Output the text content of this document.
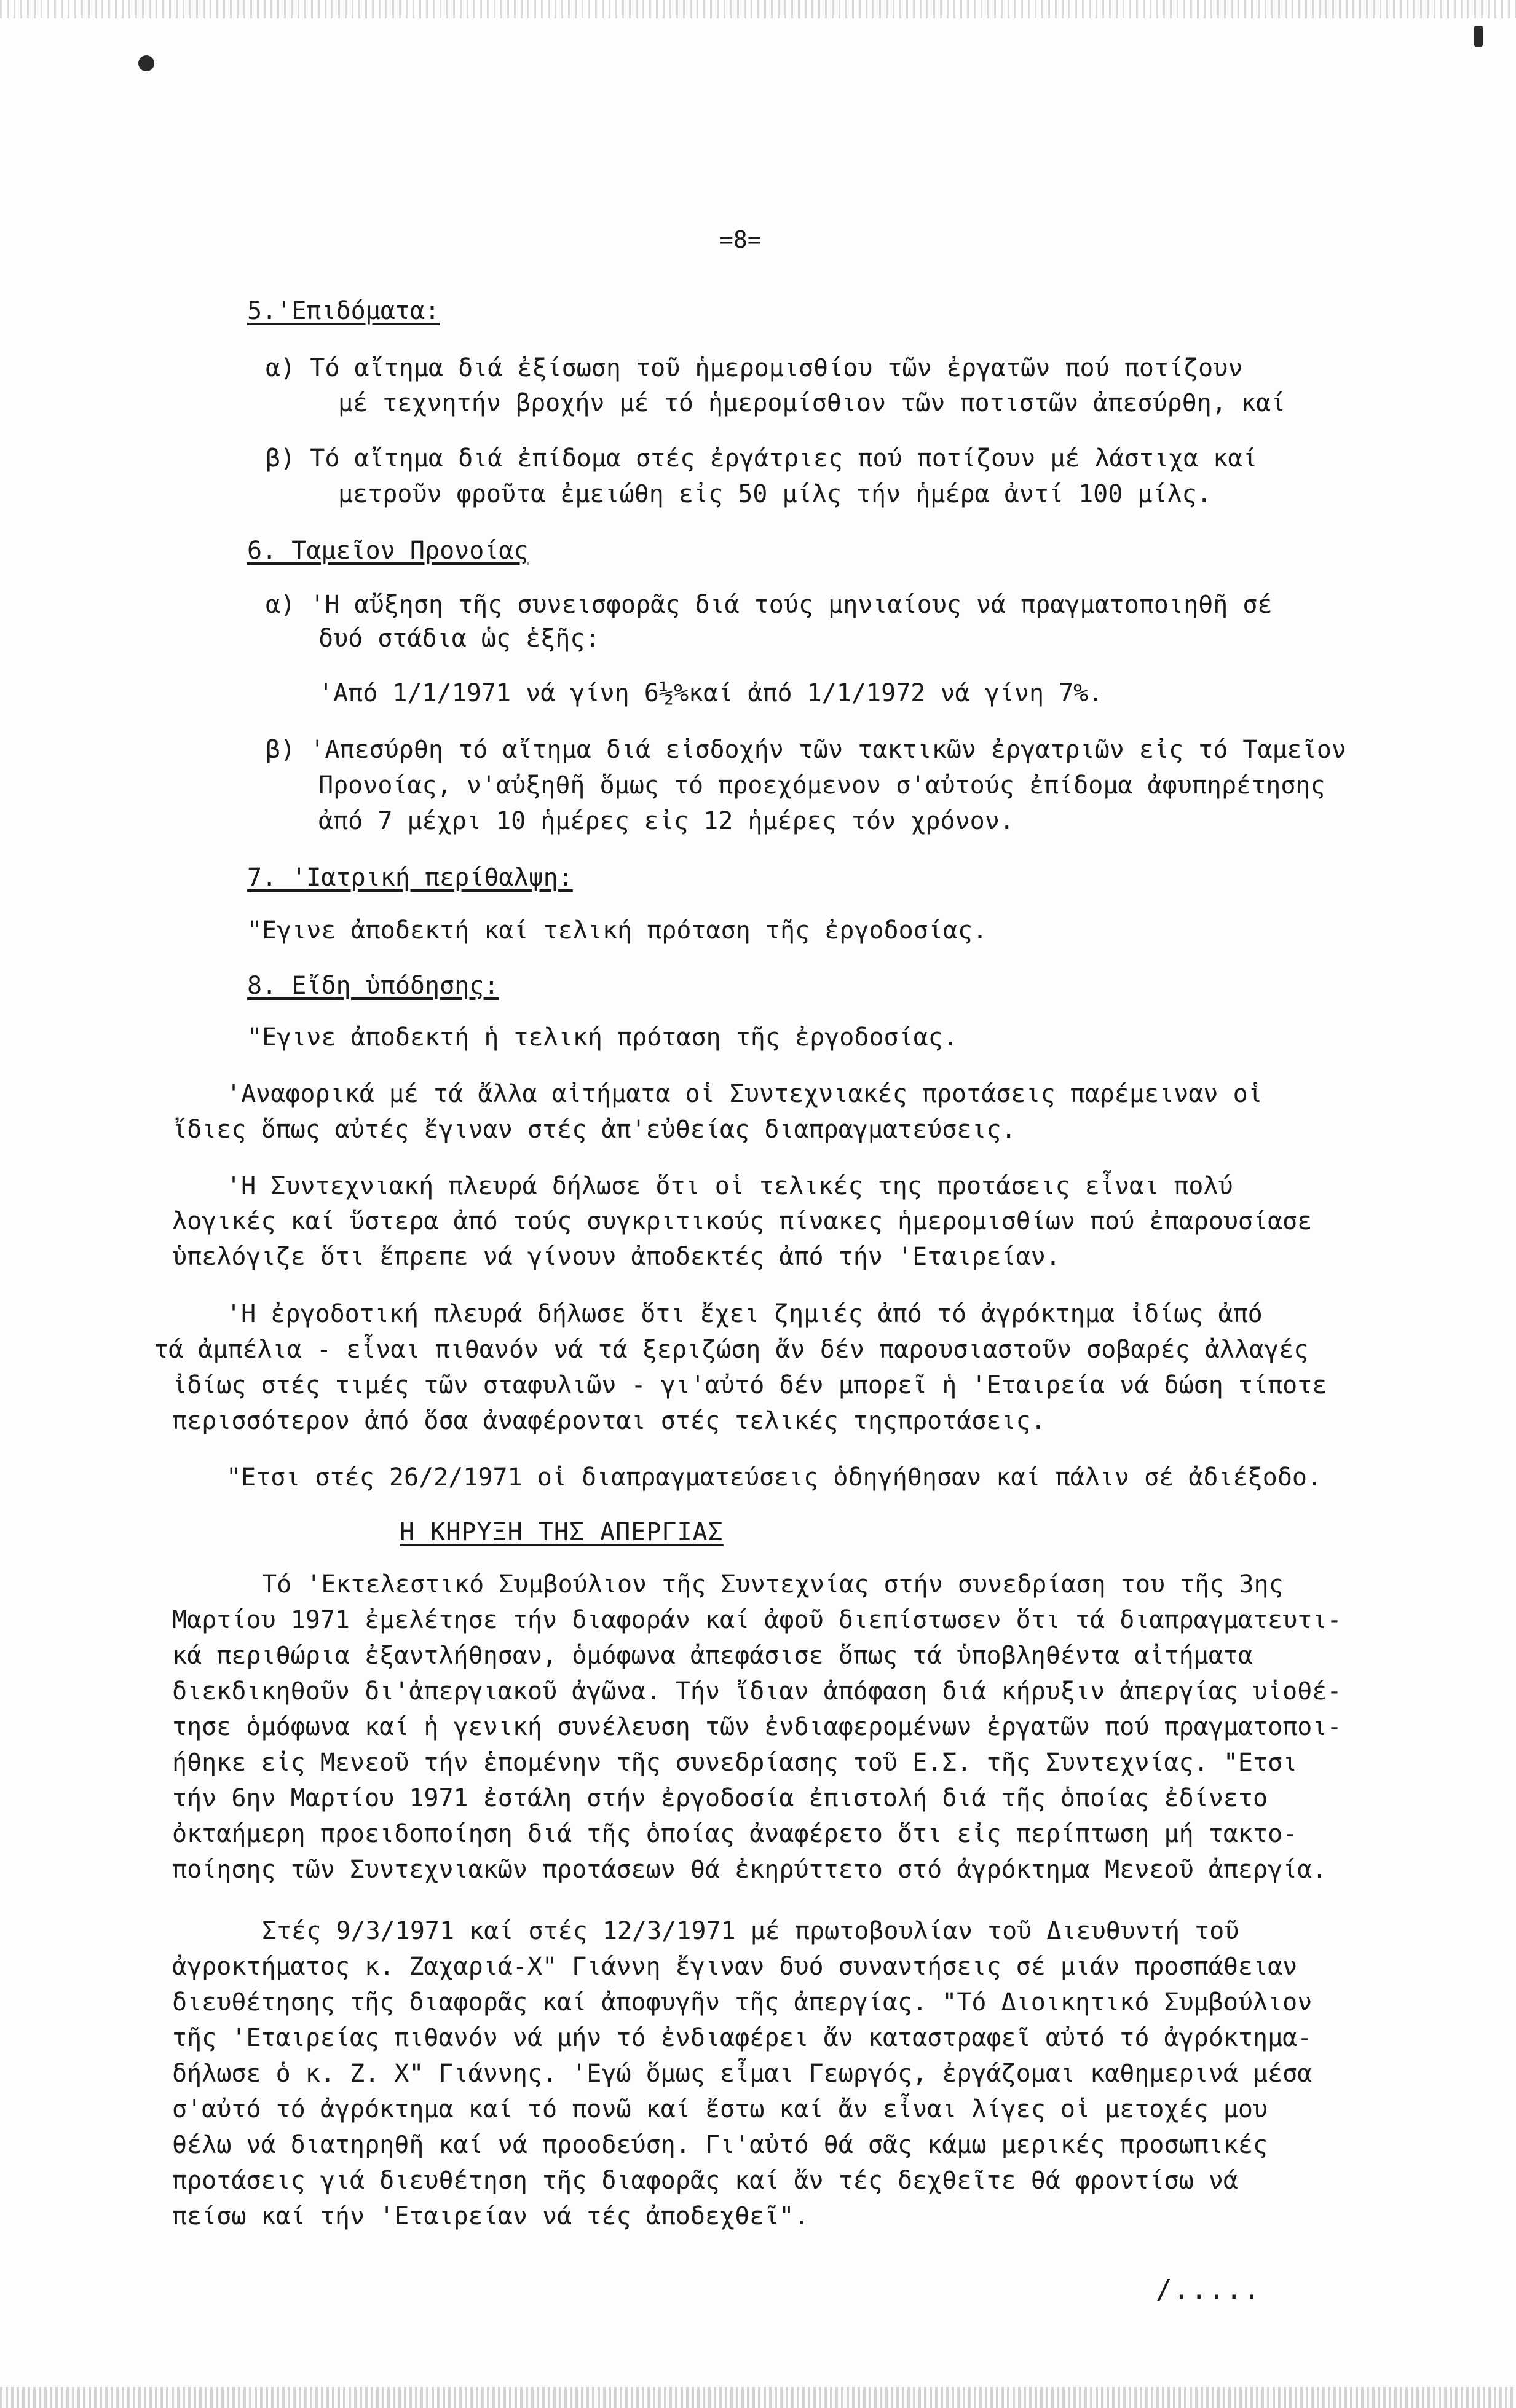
=8=
5.'Επιδόματα:
α) Τό αἴτημα διά ἐξίσωση τοῦ ἡμερομισθίου τῶν ἐργατῶν πού ποτίζουν
μέ τεχνητήν βροχήν μέ τό ἡμερομίσθιον τῶν ποτιστῶν ἀπεσύρθη, καί
β) Τό αἴτημα διά ἐπίδομα στές ἐργάτριες πού ποτίζουν μέ λάστιχα καί
μετροῦν φροῦτα ἐμειώθη εἰς 50 μίλς τήν ἡμέρα ἀντί 100 μίλς.
6. Ταμεῖον Προνοίας
α) 'Η αὔξηση τῆς συνεισφορᾶς διά τούς μηνιαίους νά πραγματοποιηθῆ σέ
δυό στάδια ὡς ἑξῆς:
'Από 1/1/1971 νά γίνη 6½%καί ἀπό 1/1/1972 νά γίνη 7%.
β) 'Απεσύρθη τό αἴτημα διά εἰσδοχήν τῶν τακτικῶν ἐργατριῶν εἰς τό Ταμεῖον
Προνοίας, ν'αὐξηθῆ ὅμως τό προεχόμενον σ'αὐτούς ἐπίδομα ἀφυπηρέτησης
ἀπό 7 μέχρι 10 ἡμέρες εἰς 12 ἡμέρες τόν χρόνον.
7. 'Ιατρική περίθαλψη:
"Εγινε ἀποδεκτή καί τελική πρόταση τῆς ἐργοδοσίας.
8. Εἴδη ὑπόδησης:
"Εγινε ἀποδεκτή ἡ τελική πρόταση τῆς ἐργοδοσίας.
'Αναφορικά μέ τά ἄλλα αἰτήματα οἱ Συντεχνιακές προτάσεις παρέμειναν οἱ
ἴδιες ὅπως αὐτές ἔγιναν στές ἀπ'εὐθείας διαπραγματεύσεις.
'Η Συντεχνιακή πλευρά δήλωσε ὅτι οἱ τελικές της προτάσεις εἶναι πολύ
λογικές καί ὕστερα ἀπό τούς συγκριτικούς πίνακες ἡμερομισθίων πού ἐπαρουσίασε
ὑπελόγιζε ὅτι ἔπρεπε νά γίνουν ἀποδεκτές ἀπό τήν 'Εταιρείαν.
'Η ἐργοδοτική πλευρά δήλωσε ὅτι ἔχει ζημιές ἀπό τό ἀγρόκτημα ἰδίως ἀπό
τά ἀμπέλια - εἶναι πιθανόν νά τά ξεριζώση ἄν δέν παρουσιαστοῦν σοβαρές ἀλλαγές
ἰδίως στές τιμές τῶν σταφυλιῶν - γι'αὐτό δέν μπορεῖ ἡ 'Εταιρεία νά δώση τίποτε
περισσότερον ἀπό ὅσα ἀναφέρονται στές τελικές τηςπροτάσεις.
"Ετσι στές 26/2/1971 οἱ διαπραγματεύσεις ὁδηγήθησαν καί πάλιν σέ ἀδιέξοδο.
Η ΚΗΡΥΞΗ ΤΗΣ ΑΠΕΡΓΙΑΣ
Τό 'Εκτελεστικό Συμβούλιον τῆς Συντεχνίας στήν συνεδρίαση του τῆς 3ης
Μαρτίου 1971 ἐμελέτησε τήν διαφοράν καί ἀφοῦ διεπίστωσεν ὅτι τά διαπραγματευτι-
κά περιθώρια ἐξαντλήθησαν, ὁμόφωνα ἀπεφάσισε ὅπως τά ὑποβληθέντα αἰτήματα
διεκδικηθοῦν δι'ἀπεργιακοῦ ἀγῶνα. Τήν ἴδιαν ἀπόφαση διά κήρυξιν ἀπεργίας υἱοθέ-
τησε ὁμόφωνα καί ἡ γενική συνέλευση τῶν ἐνδιαφερομένων ἐργατῶν πού πραγματοποι-
ήθηκε εἰς Μενεοῦ τήν ἑπομένην τῆς συνεδρίασης τοῦ Ε.Σ. τῆς Συντεχνίας. "Ετσι
τήν 6ην Μαρτίου 1971 ἐστάλη στήν ἐργοδοσία ἐπιστολή διά τῆς ὁποίας ἐδίνετο
ὀκταήμερη προειδοποίηση διά τῆς ὁποίας ἀναφέρετο ὅτι εἰς περίπτωση μή τακτο-
ποίησης τῶν Συντεχνιακῶν προτάσεων θά ἐκηρύττετο στό ἀγρόκτημα Μενεοῦ ἀπεργία.
Στές 9/3/1971 καί στές 12/3/1971 μέ πρωτοβουλίαν τοῦ Διευθυντή τοῦ
ἀγροκτήματος κ. Ζαχαριά-Χ" Γιάννη ἔγιναν δυό συναντήσεις σέ μιάν προσπάθειαν
διευθέτησης τῆς διαφορᾶς καί ἀποφυγῆν τῆς ἀπεργίας. "Τό Διοικητικό Συμβούλιον
τῆς 'Εταιρείας πιθανόν νά μήν τό ἐνδιαφέρει ἄν καταστραφεῖ αὐτό τό ἀγρόκτημα-
δήλωσε ὁ κ. Ζ. Χ" Γιάννης. 'Εγώ ὅμως εἶμαι Γεωργός, ἐργάζομαι καθημερινά μέσα
σ'αὐτό τό ἀγρόκτημα καί τό πονῶ καί ἔστω καί ἄν εἶναι λίγες οἱ μετοχές μου
θέλω νά διατηρηθῆ καί νά προοδεύση. Γι'αὐτό θά σᾶς κάμω μερικές προσωπικές
προτάσεις γιά διευθέτηση τῆς διαφορᾶς καί ἄν τές δεχθεῖτε θά φροντίσω νά
πείσω καί τήν 'Εταιρείαν νά τές ἀποδεχθεῖ".
/.....
